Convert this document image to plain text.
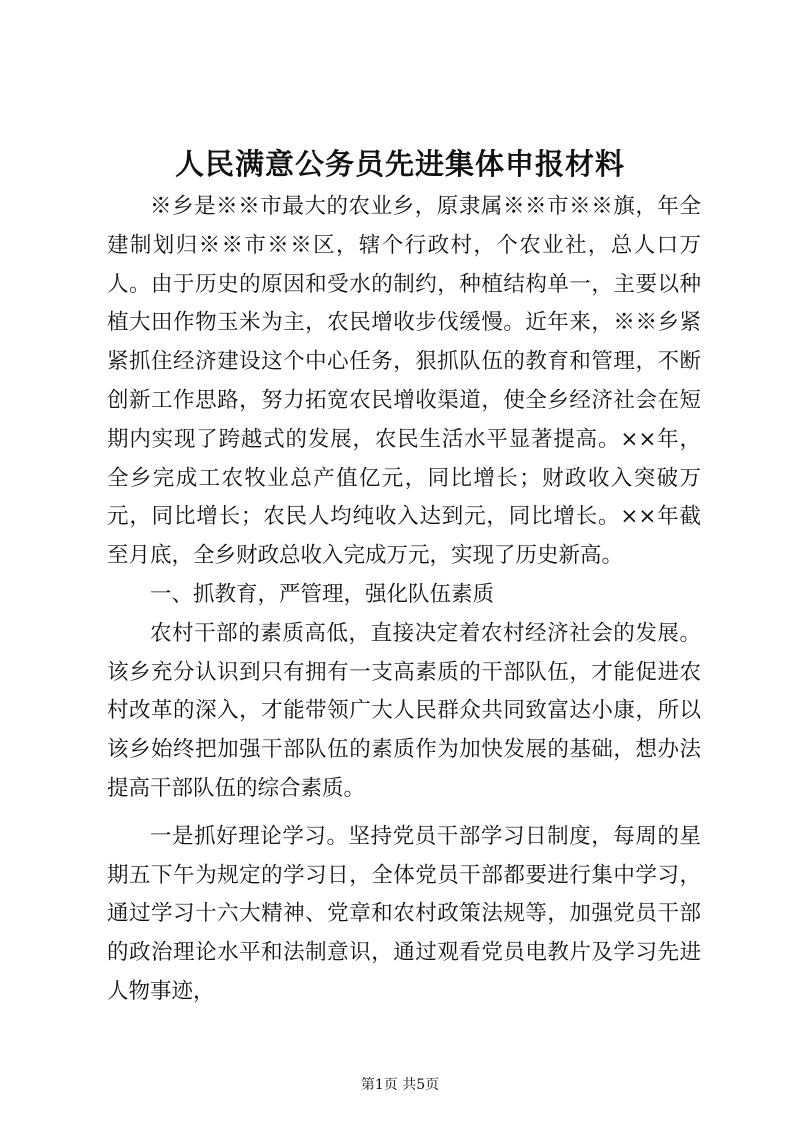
人民满意公务员先进集体申报材料

※乡是※※市最大的农业乡，原隶属※※市※※旗，年全建制划归※※市※※区，辖个行政村，个农业社，总人口万人。由于历史的原因和受水的制约，种植结构单一，主要以种植大田作物玉米为主，农民增收步伐缓慢。近年来，※※乡紧紧抓住经济建设这个中心任务，狠抓队伍的教育和管理，不断创新工作思路，努力拓宽农民增收渠道，使全乡经济社会在短期内实现了跨越式的发展，农民生活水平显著提高。××年，全乡完成工农牧业总产值亿元，同比增长；财政收入突破万元，同比增长；农民人均纯收入达到元，同比增长。××年截至月底，全乡财政总收入完成万元，实现了历史新高。

一、抓教育，严管理，强化队伍素质

农村干部的素质高低，直接决定着农村经济社会的发展。该乡充分认识到只有拥有一支高素质的干部队伍，才能促进农村改革的深入，才能带领广大人民群众共同致富达小康，所以该乡始终把加强干部队伍的素质作为加快发展的基础，想办法提高干部队伍的综合素质。

一是抓好理论学习。坚持党员干部学习日制度，每周的星期五下午为规定的学习日，全体党员干部都要进行集中学习，通过学习十六大精神、党章和农村政策法规等，加强党员干部的政治理论水平和法制意识，通过观看党员电教片及学习先进人物事迹，

第1页 共5页
